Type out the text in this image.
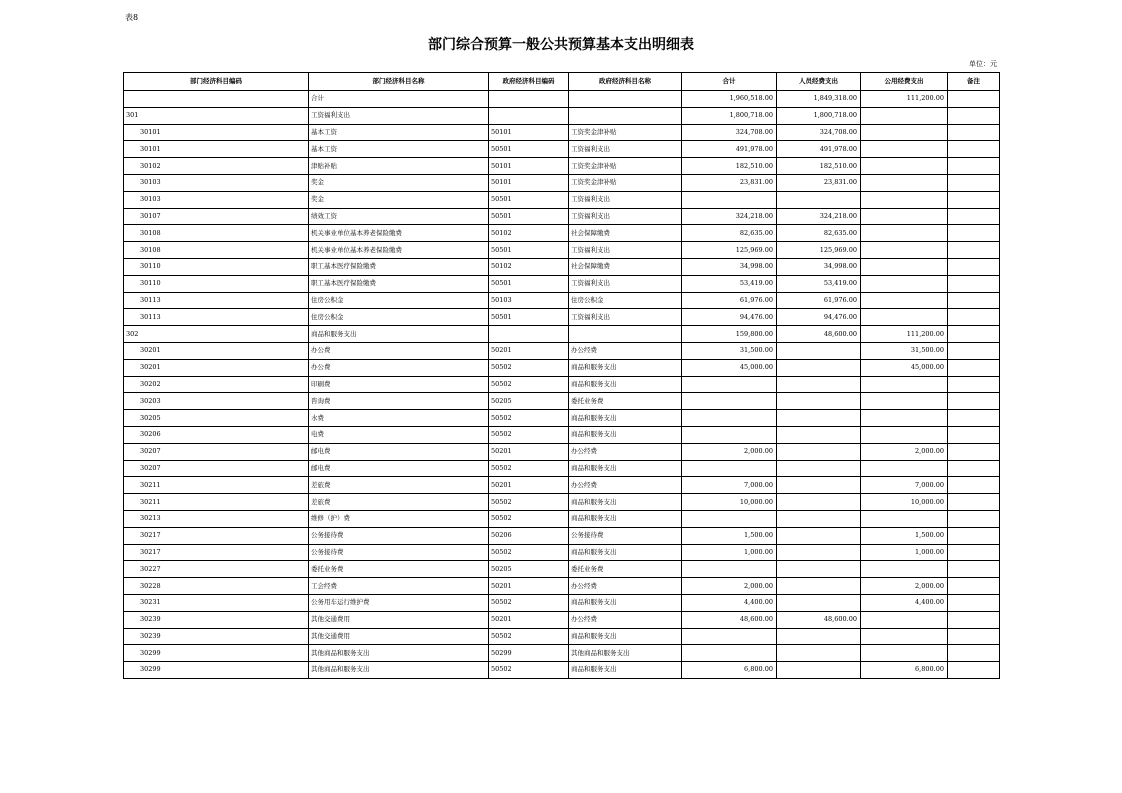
表8
部门综合预算一般公共预算基本支出明细表
单位：元
部门经济科目编码	部门经济科目名称	政府经济科目编码	政府经济科目名称	合计	人员经费支出	公用经费支出	备注
	合计			1,960,518.00	1,849,318.00	111,200.00	
301	工资福利支出			1,800,718.00	1,800,718.00		
30101	基本工资	50101	工资奖金津补贴	324,708.00	324,708.00		
30101	基本工资	50501	工资福利支出	491,978.00	491,978.00		
30102	津贴补贴	50101	工资奖金津补贴	182,510.00	182,510.00		
30103	奖金	50101	工资奖金津补贴	23,831.00	23,831.00		
30103	奖金	50501	工资福利支出				
30107	绩效工资	50501	工资福利支出	324,218.00	324,218.00		
30108	机关事业单位基本养老保险缴费	50102	社会保障缴费	82,635.00	82,635.00		
30108	机关事业单位基本养老保险缴费	50501	工资福利支出	125,969.00	125,969.00		
30110	职工基本医疗保险缴费	50102	社会保障缴费	34,998.00	34,998.00		
30110	职工基本医疗保险缴费	50501	工资福利支出	53,419.00	53,419.00		
30113	住房公积金	50103	住房公积金	61,976.00	61,976.00		
30113	住房公积金	50501	工资福利支出	94,476.00	94,476.00		
302	商品和服务支出			159,800.00	48,600.00	111,200.00	
30201	办公费	50201	办公经费	31,500.00		31,500.00	
30201	办公费	50502	商品和服务支出	45,000.00		45,000.00	
30202	印刷费	50502	商品和服务支出				
30203	咨询费	50205	委托业务费				
30205	水费	50502	商品和服务支出				
30206	电费	50502	商品和服务支出				
30207	邮电费	50201	办公经费	2,000.00		2,000.00	
30207	邮电费	50502	商品和服务支出				
30211	差旅费	50201	办公经费	7,000.00		7,000.00	
30211	差旅费	50502	商品和服务支出	10,000.00		10,000.00	
30213	维修（护）费	50502	商品和服务支出				
30217	公务接待费	50206	公务接待费	1,500.00		1,500.00	
30217	公务接待费	50502	商品和服务支出	1,000.00		1,000.00	
30227	委托业务费	50205	委托业务费				
30228	工会经费	50201	办公经费	2,000.00		2,000.00	
30231	公务用车运行维护费	50502	商品和服务支出	4,400.00		4,400.00	
30239	其他交通费用	50201	办公经费	48,600.00	48,600.00		
30239	其他交通费用	50502	商品和服务支出				
30299	其他商品和服务支出	50299	其他商品和服务支出				
30299	其他商品和服务支出	50502	商品和服务支出	6,800.00		6,800.00	
